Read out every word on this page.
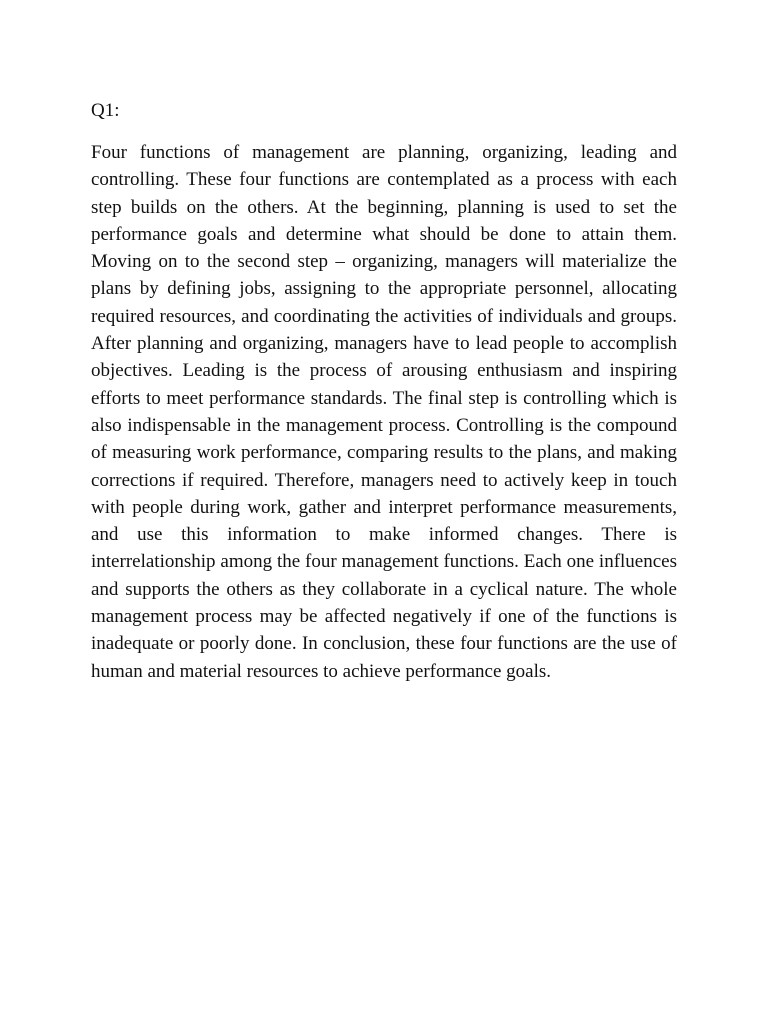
Q1:

Four functions of management are planning, organizing, leading and controlling. These four functions are contemplated as a process with each step builds on the others. At the beginning, planning is used to set the performance goals and determine what should be done to attain them. Moving on to the second step – organizing, managers will materialize the plans by defining jobs, assigning to the appropriate personnel, allocating required resources, and coordinating the activities of individuals and groups. After planning and organizing, managers have to lead people to accomplish objectives. Leading is the process of arousing enthusiasm and inspiring efforts to meet performance standards. The final step is controlling which is also indispensable in the management process. Controlling is the compound of measuring work performance, comparing results to the plans, and making corrections if required. Therefore, managers need to actively keep in touch with people during work, gather and interpret performance measurements, and use this information to make informed changes. There is interrelationship among the four management functions. Each one influences and supports the others as they collaborate in a cyclical nature. The whole management process may be affected negatively if one of the functions is inadequate or poorly done. In conclusion, these four functions are the use of human and material resources to achieve performance goals.
